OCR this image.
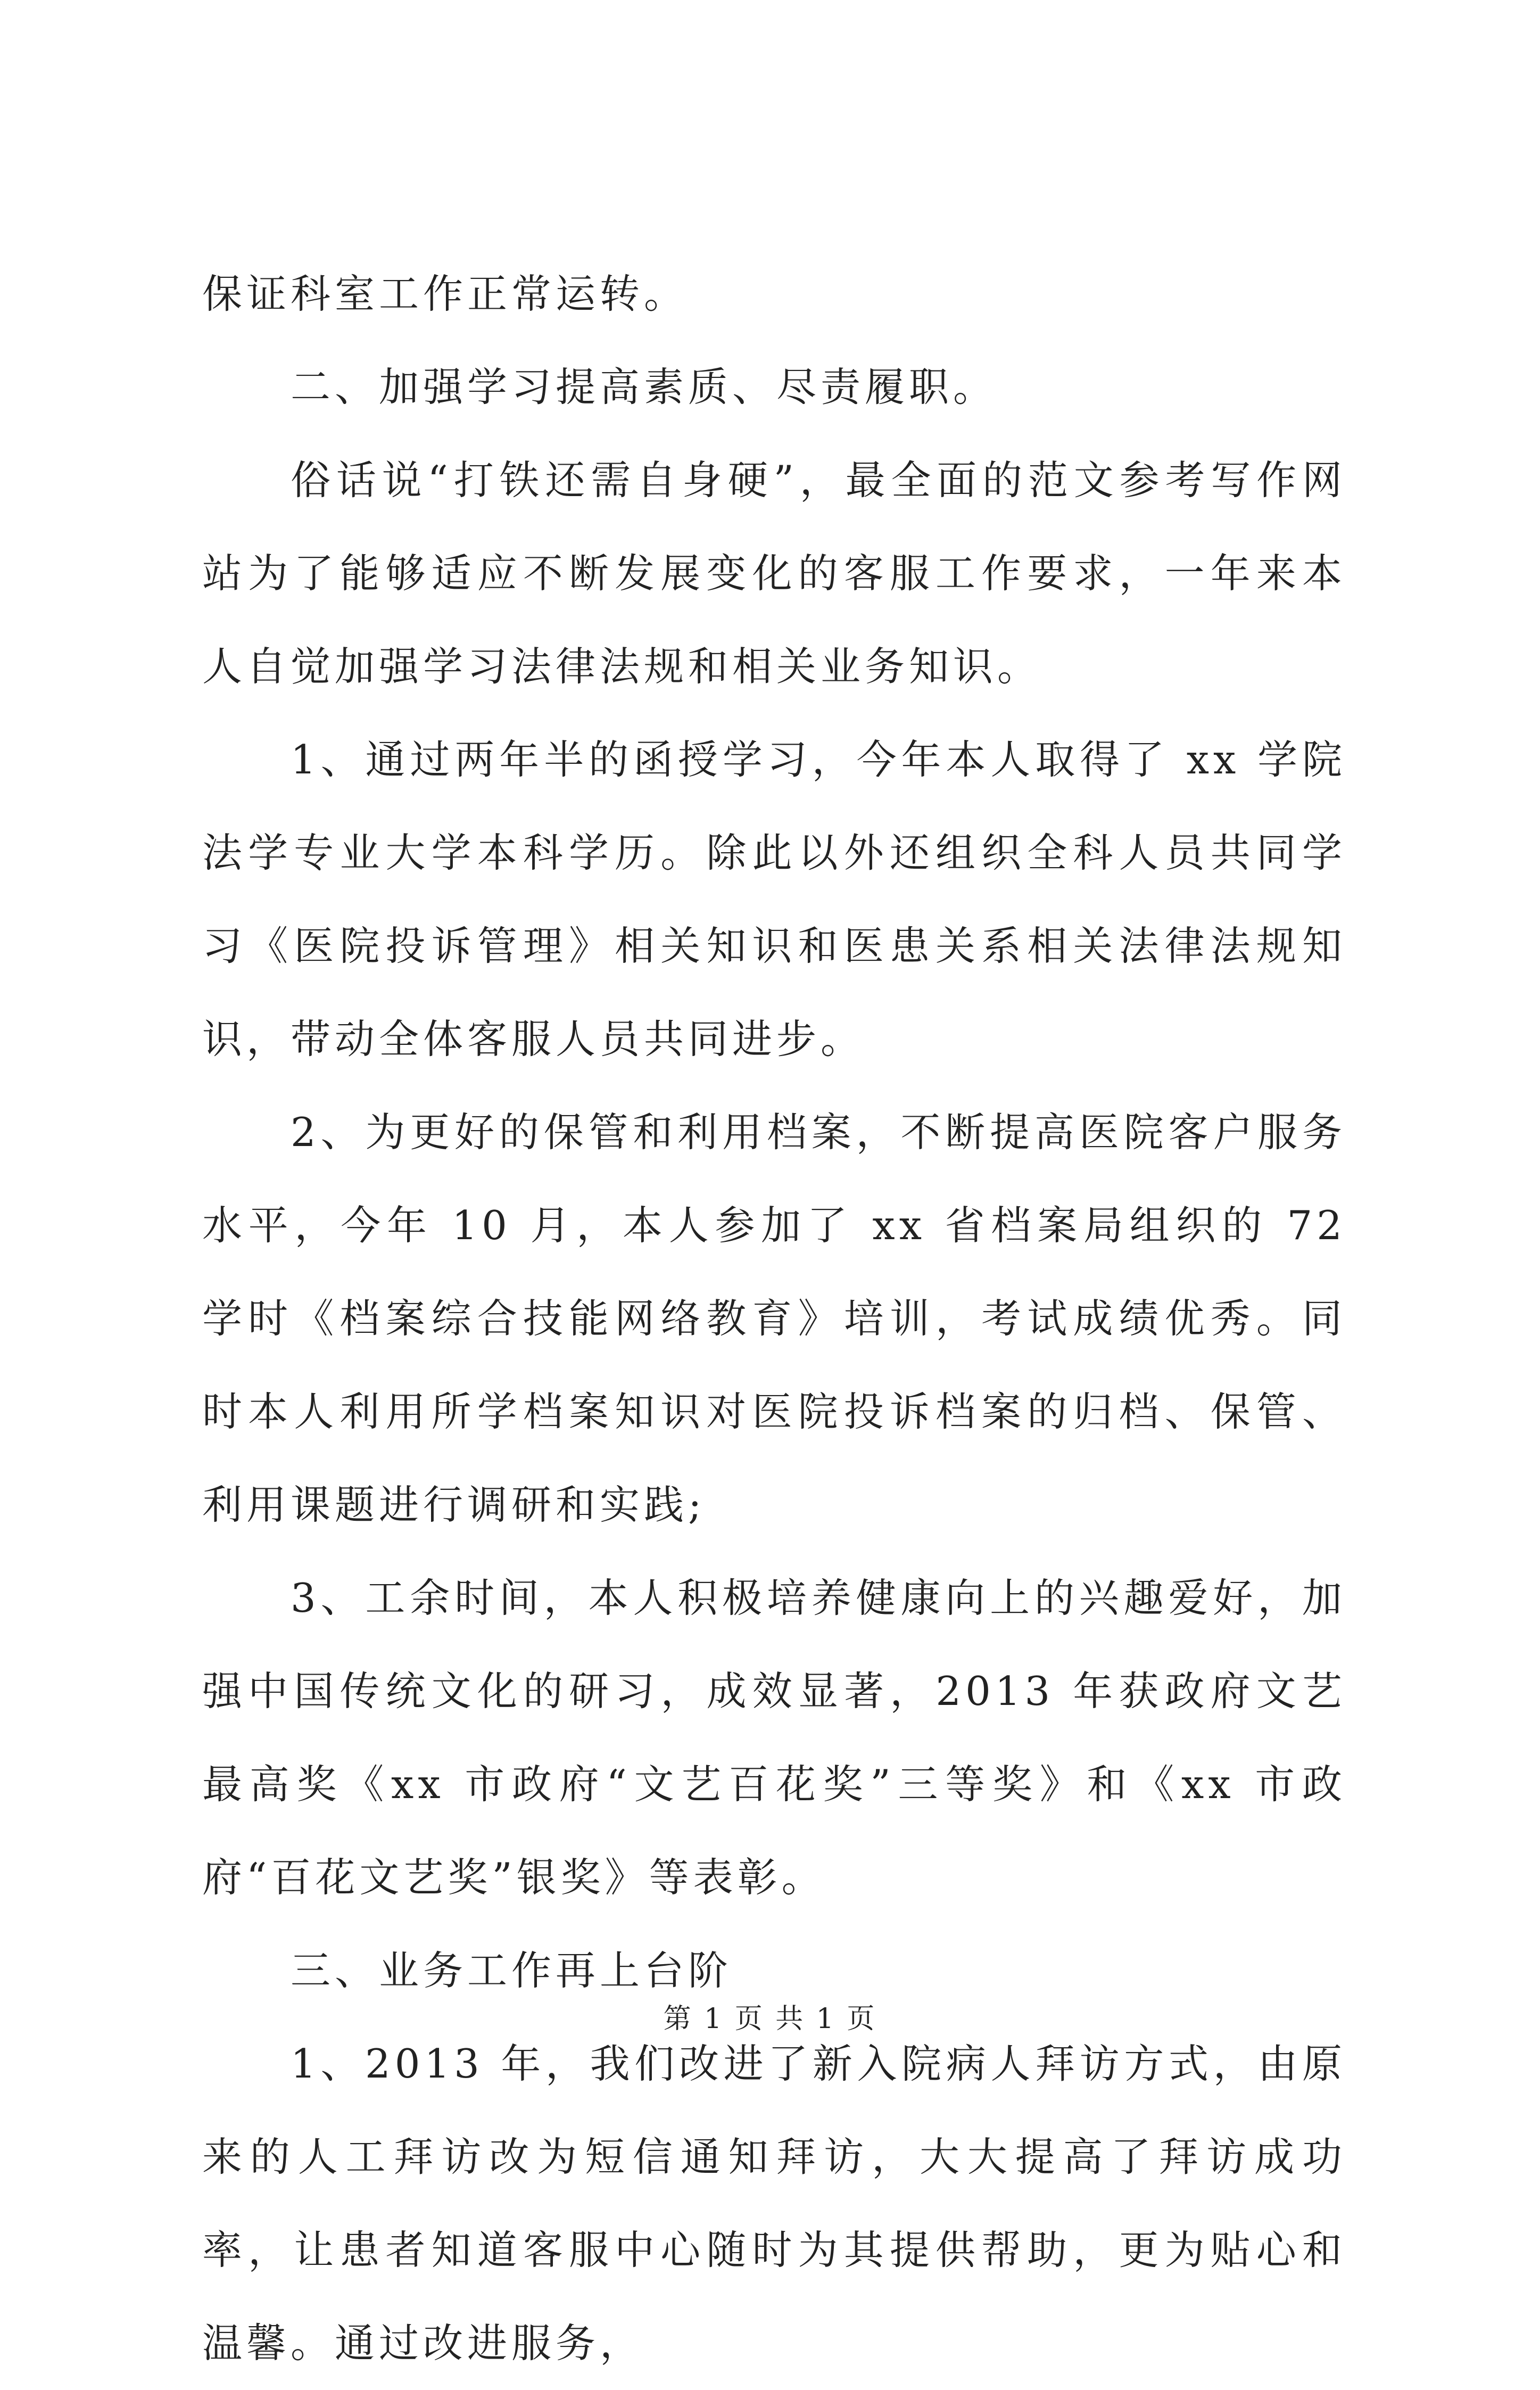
保证科室工作正常运转。

二、加强学习提高素质、尽责履职。

俗话说“打铁还需自身硬”，最全面的范文参考写作网站为了能够适应不断发展变化的客服工作要求，一年来本人自觉加强学习法律法规和相关业务知识。

1、通过两年半的函授学习，今年本人取得了 xx 学院法学专业大学本科学历。除此以外还组织全科人员共同学习《医院投诉管理》相关知识和医患关系相关法律法规知识，带动全体客服人员共同进步。

2、为更好的保管和利用档案，不断提高医院客户服务水平，今年 10 月，本人参加了 xx 省档案局组织的 72 学时《档案综合技能网络教育》培训，考试成绩优秀。同时本人利用所学档案知识对医院投诉档案的归档、保管、利用课题进行调研和实践;

3、工余时间，本人积极培养健康向上的兴趣爱好，加强中国传统文化的研习，成效显著，2013 年获政府文艺最高奖《xx 市政府“文艺百花奖”三等奖》和《xx 市政府“百花文艺奖”银奖》等表彰。

三、业务工作再上台阶

1、2013 年，我们改进了新入院病人拜访方式，由原来的人工拜访改为短信通知拜访，大大提高了拜访成功率，让患者知道客服中心随时为其提供帮助，更为贴心和温馨。通过改进服务，

第 1 页 共 1 页
